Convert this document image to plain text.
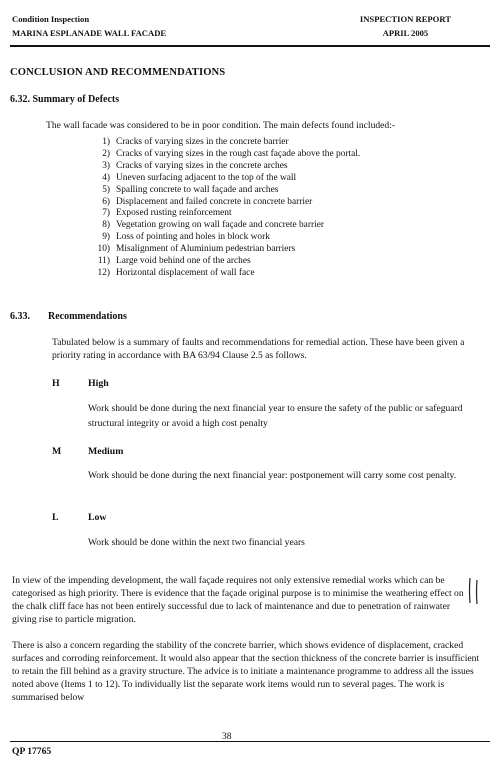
Condition Inspection
MARINA ESPLANADE WALL FACADE
INSPECTION REPORT
APRIL 2005
CONCLUSION AND RECOMMENDATIONS
6.32. Summary of Defects
The wall facade was considered to be in poor condition. The main defects found included:-
1) Cracks of varying sizes in the concrete barrier
2) Cracks of varying sizes in the rough cast façade above the portal.
3) Cracks of varying sizes in the concrete arches
4) Uneven surfacing adjacent to the top of the wall
5) Spalling concrete to wall façade and arches
6) Displacement and failed concrete in concrete barrier
7) Exposed rusting reinforcement
8) Vegetation growing on wall façade and concrete barrier
9) Loss of pointing and holes in block work
10) Misalignment of Aluminium pedestrian barriers
11) Large void behind one of the arches
12) Horizontal displacement of wall face
6.33. Recommendations
Tabulated below is a summary of faults and recommendations for remedial action. These have been given a priority rating in accordance with BA 63/94 Clause 2.5 as follows.
H	High
Work should be done during the next financial year to ensure the safety of the public or safeguard structural integrity or avoid a high cost penalty
M	Medium
Work should be done during the next financial year: postponement will carry some cost penalty.
L	Low
Work should be done within the next two financial years
In view of the impending development, the wall façade requires not only extensive remedial works which can be categorised as high priority. There is evidence that the façade original purpose is to minimise the weathering effect on the chalk cliff face has not been entirely successful due to lack of maintenance and due to penetration of rainwater giving rise to particle migration.
There is also a concern regarding the stability of the concrete barrier, which shows evidence of displacement, cracked surfaces and corroding reinforcement. It would also appear that the section thickness of the concrete barrier is insufficient to retain the fill behind as a gravity structure. The advice is to initiate a maintenance programme to address all the issues noted above (Items 1 to 12). To individually list the separate work items would run to several pages. The work is summarised below
38
QP 17765
